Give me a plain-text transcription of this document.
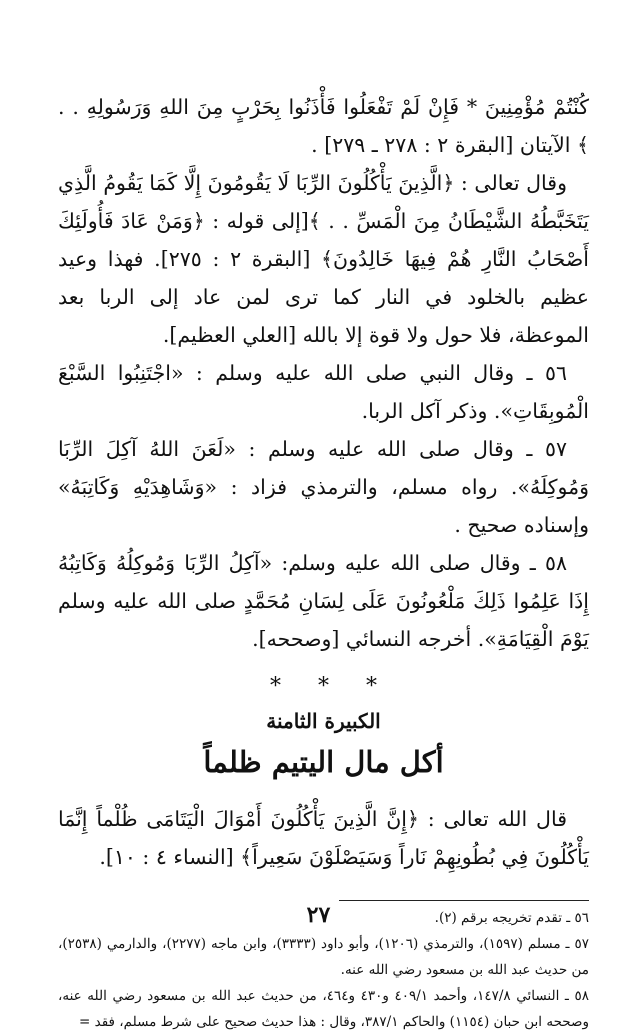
كُنْتُمْ مُؤْمِنِينَ * فَإِنْ لَمْ تَفْعَلُوا فَأْذَنُوا بِحَرْبٍ مِنَ اللهِ وَرَسُولِهِ . . ﴾ الآيتان [البقرة ٢ : ٢٧٨ ـ ٢٧٩] .

وقال تعالى : ﴿الَّذِينَ يَأْكُلُونَ الرِّبَا لَا يَقُومُونَ إِلَّا كَمَا يَقُومُ الَّذِي يَتَخَبَّطُهُ الشَّيْطَانُ مِنَ الْمَسِّ . . ﴾[إلى قوله : ﴿وَمَنْ عَادَ فَأُولَئِكَ أَصْحَابُ النَّارِ هُمْ فِيهَا خَالِدُونَ﴾ [البقرة ٢ : ٢٧٥]. فهذا وعيد عظيم بالخلود في النار كما ترى لمن عاد إلى الربا بعد الموعظة، فلا حول ولا قوة إلا بالله [العلي العظيم].

٥٦ ـ وقال النبي صلى الله عليه وسلم : «اجْتَنِبُوا السَّبْعَ الْمُوبِقَاتِ». وذكر آكل الربا.

٥٧ ـ وقال صلى الله عليه وسلم : «لَعَنَ اللهُ آكِلَ الرِّبَا وَمُوكِلَهُ». رواه مسلم، والترمذي فزاد : «وَشَاهِدَيْهِ وَكَاتِبَهُ» وإسناده صحيح .

٥٨ ـ وقال صلى الله عليه وسلم: «آكِلُ الرِّبَا وَمُوكِلُهُ وَكَاتِبُهُ إِذَا عَلِمُوا ذَلِكَ مَلْعُونُونَ عَلَى لِسَانِ مُحَمَّدٍ صلى الله عليه وسلم يَوْمَ الْقِيَامَةِ». أخرجه النسائي [وصححه].

* * *
الكبيرة الثامنة
أكل مال اليتيم ظلماً

قال الله تعالى : ﴿إِنَّ الَّذِينَ يَأْكُلُونَ أَمْوَالَ الْيَتَامَى ظُلْماً إِنَّمَا يَأْكُلُونَ فِي بُطُونِهِمْ نَاراً وَسَيَصْلَوْنَ سَعِيراً﴾ [النساء ٤ : ١٠].

٥٦ ـ تقدم تخريجه برقم (٢).

٥٧ ـ مسلم (١٥٩٧)، والترمذي (١٢٠٦)، وأبو داود (٣٣٣٣)، وابن ماجه (٢٢٧٧)، والدارمي (٢٥٣٨)، من حديث عبد الله بن مسعود رضي الله عنه.

٥٨ ـ النسائي ١٤٧/٨، وأحمد ٤٠٩/١ و٤٣٠ و٤٦٤، من حديث عبد الله بن مسعود رضي الله عنه، وصححه ابن حبان (١١٥٤) والحاكم ٣٨٧/١، وقال : هذا حديث صحيح على شرط مسلم، فقد =

٢٧
